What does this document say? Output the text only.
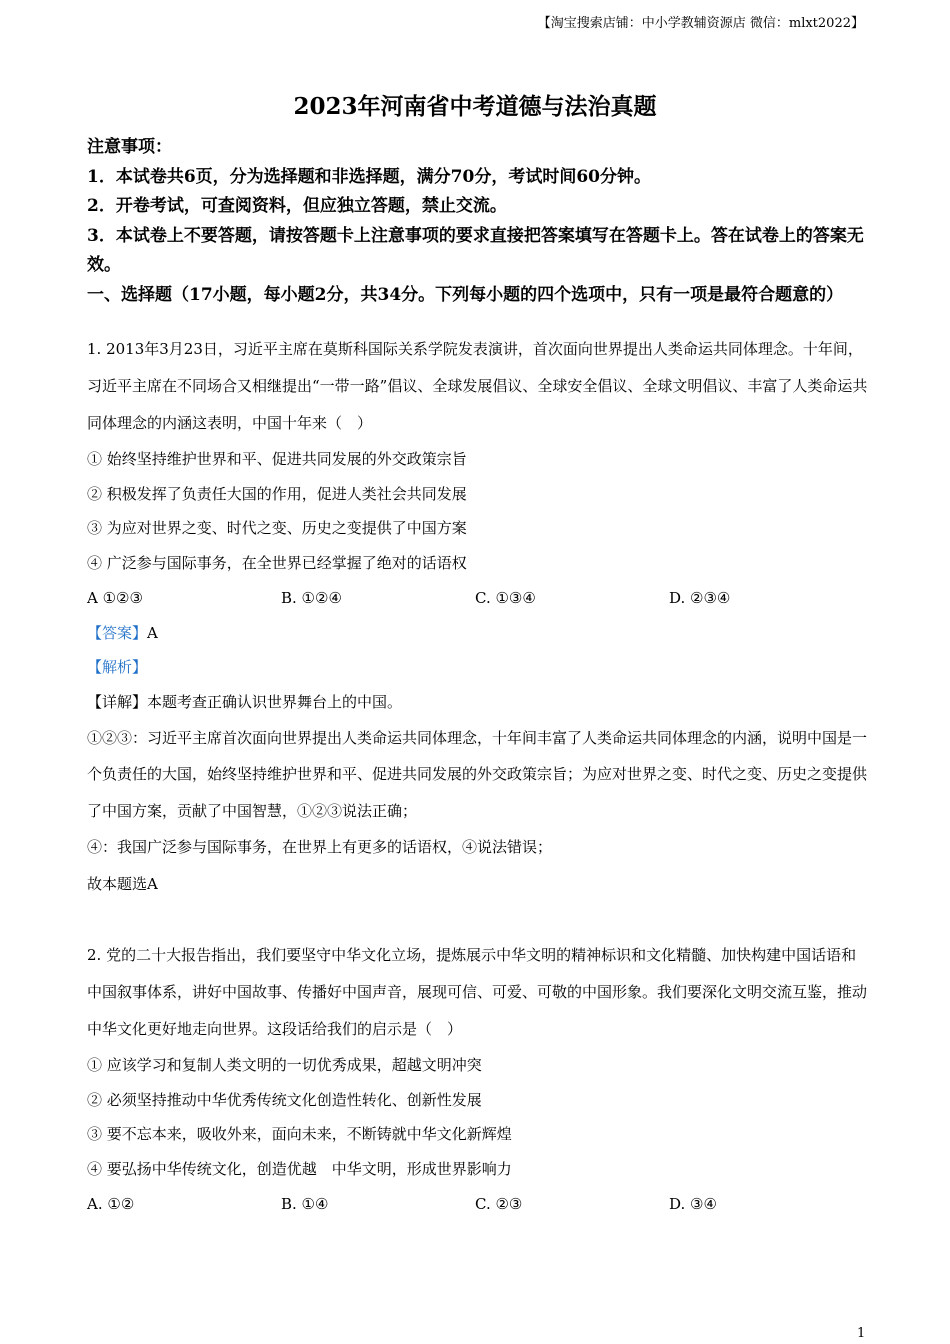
【淘宝搜索店铺：中小学教辅资源店 微信：mlxt2022】
2023年河南省中考道德与法治真题

注意事项：

1．本试卷共6页，分为选择题和非选择题，满分70分，考试时间60分钟。

2．开卷考试，可查阅资料，但应独立答题，禁止交流。

3．本试卷上不要答题，请按答题卡上注意事项的要求直接把答案填写在答题卡上。答在试卷上的答案无效。

一、选择题（17小题，每小题2分，共34分。下列每小题的四个选项中，只有一项是最符合题意的）

1. 2013年3月23日，习近平主席在莫斯科国际关系学院发表演讲，首次面向世界提出人类命运共同体理念。十年间，习近平主席在不同场合又相继提出“一带一路”倡议、全球发展倡议、全球安全倡议、全球文明倡议、丰富了人类命运共同体理念的内涵这表明，中国十年来（　）

① 始终坚持维护世界和平、促进共同发展的外交政策宗旨

② 积极发挥了负责任大国的作用，促进人类社会共同发展

③ 为应对世界之变、时代之变、历史之变提供了中国方案

④ 广泛参与国际事务，在全世界已经掌握了绝对的话语权

A ①②③	B. ①②④	C. ①③④	D. ②③④

【答案】A

【解析】

【详解】本题考查正确认识世界舞台上的中国。

①②③：习近平主席首次面向世界提出人类命运共同体理念，十年间丰富了人类命运共同体理念的内涵，说明中国是一个负责任的大国，始终坚持维护世界和平、促进共同发展的外交政策宗旨；为应对世界之变、时代之变、历史之变提供了中国方案，贡献了中国智慧，①②③说法正确；

④：我国广泛参与国际事务，在世界上有更多的话语权，④说法错误；

故本题选A

2. 党的二十大报告指出，我们要坚守中华文化立场，提炼展示中华文明的精神标识和文化精髓、加快构建中国话语和中国叙事体系，讲好中国故事、传播好中国声音，展现可信、可爱、可敬的中国形象。我们要深化文明交流互鉴，推动中华文化更好地走向世界。这段话给我们的启示是（　）

① 应该学习和复制人类文明的一切优秀成果，超越文明冲突

② 必须坚持推动中华优秀传统文化创造性转化、创新性发展

③ 要不忘本来，吸收外来，面向未来，不断铸就中华文化新辉煌

④ 要弘扬中华传统文化，创造优越　中华文明，形成世界影响力

A. ①②	B. ①④	C. ②③	D. ③④
1
